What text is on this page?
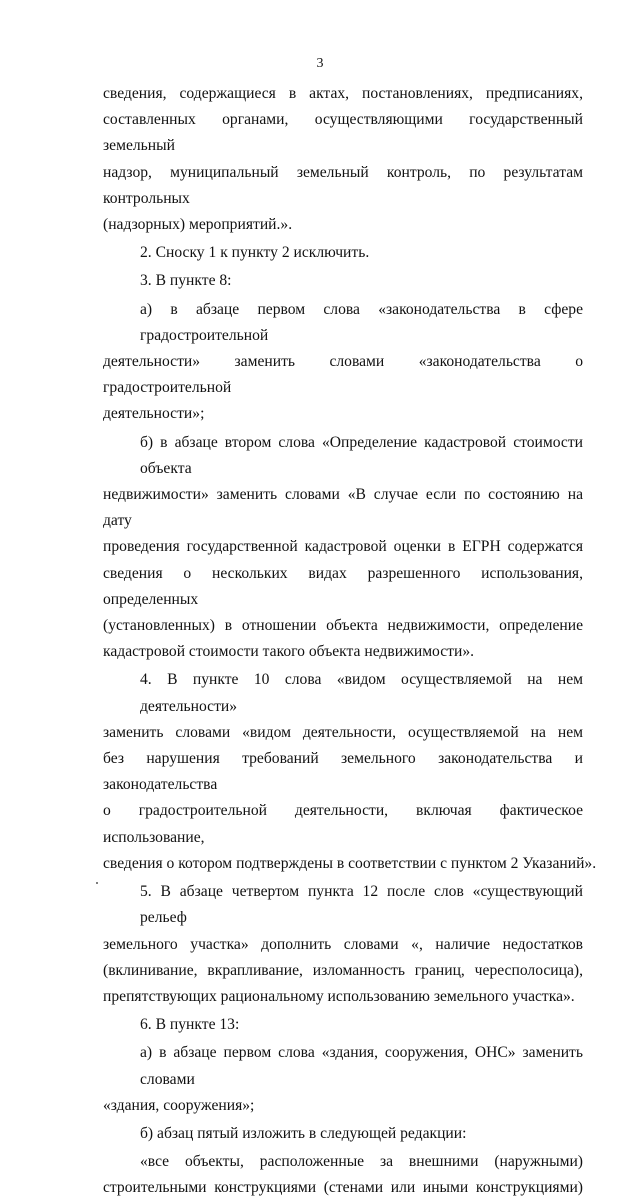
3

сведения, содержащиеся в актах, постановлениях, предписаниях,
составленных органами, осуществляющими государственный земельный
надзор, муниципальный земельный контроль, по результатам контрольных
(надзорных) мероприятий.».

2. Сноску 1 к пункту 2 исключить.

3. В пункте 8:

а) в абзаце первом слова «законодательства в сфере градостроительной
деятельности» заменить словами «законодательства о градостроительной
деятельности»;

б) в абзаце втором слова «Определение кадастровой стоимости объекта
недвижимости» заменить словами «В случае если по состоянию на дату
проведения государственной кадастровой оценки в ЕГРН содержатся
сведения о нескольких видах разрешенного использования, определенных
(установленных) в отношении объекта недвижимости, определение
кадастровой стоимости такого объекта недвижимости».

4. В пункте 10 слова «видом осуществляемой на нем деятельности»
заменить словами «видом деятельности, осуществляемой на нем
без нарушения требований земельного законодательства и законодательства
о градостроительной деятельности, включая фактическое использование,
сведения о котором подтверждены в соответствии с пунктом 2 Указаний».

5. В абзаце четвертом пункта 12 после слов «существующий рельеф
земельного участка» дополнить словами «, наличие недостатков
(вклинивание, вкрапливание, изломанность границ, чересполосица),
препятствующих рациональному использованию земельного участка».

6. В пункте 13:

а) в абзаце первом слова «здания, сооружения, ОНС» заменить словами
«здания, сооружения»;

б) абзац пятый изложить в следующей редакции:

«все объекты, расположенные за внешними (наружными)
строительными конструкциями (стенами или иными конструкциями)
